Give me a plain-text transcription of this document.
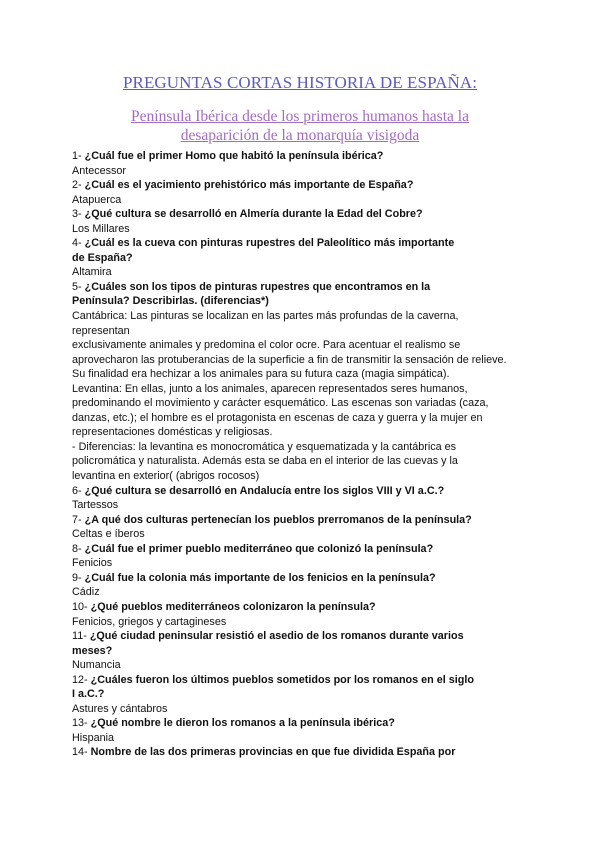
PREGUNTAS CORTAS HISTORIA DE ESPAÑA:
Península Ibérica desde los primeros humanos hasta la
desaparición de la monarquía visigoda
1- ¿Cuál fue el primer Homo que habitó la península ibérica?
Antecessor
2- ¿Cuál es el yacimiento prehistórico más importante de España?
Atapuerca
3- ¿Qué cultura se desarrolló en Almería durante la Edad del Cobre?
Los Millares
4- ¿Cuál es la cueva con pinturas rupestres del Paleolítico más importante
de España?
Altamira
5- ¿Cuáles son los tipos de pinturas rupestres que encontramos en la
Península? Describirlas. (diferencias*)
Cantábrica: Las pinturas se localizan en las partes más profundas de la caverna,
representan
exclusivamente animales y predomina el color ocre. Para acentuar el realismo se
aprovecharon las protuberancias de la superficie a fin de transmitir la sensación de relieve.
Su finalidad era hechizar a los animales para su futura caza (magia simpática).
Levantina: En ellas, junto a los animales, aparecen representados seres humanos,
predominando el movimiento y carácter esquemático. Las escenas son variadas (caza,
danzas, etc.); el hombre es el protagonista en escenas de caza y guerra y la mujer en
representaciones domésticas y religiosas.
- Diferencias: la levantina es monocromática y esquematizada y la cantábrica es
policromática y naturalista. Además esta se daba en el interior de las cuevas y la
levantina en exterior( (abrigos rocosos)
6- ¿Qué cultura se desarrolló en Andalucía entre los siglos VIII y VI a.C.?
Tartessos
7- ¿A qué dos culturas pertenecían los pueblos prerromanos de la península?
Celtas e íberos
8- ¿Cuál fue el primer pueblo mediterráneo que colonizó la península?
Fenicios
9- ¿Cuál fue la colonia más importante de los fenicios en la península?
Cádiz
10- ¿Qué pueblos mediterráneos colonizaron la península?
Fenicios, griegos y cartagineses
11- ¿Qué ciudad peninsular resistió el asedio de los romanos durante varios
meses?
Numancia
12- ¿Cuáles fueron los últimos pueblos sometidos por los romanos en el siglo
I a.C.?
Astures y cántabros
13- ¿Qué nombre le dieron los romanos a la península ibérica?
Hispania
14- Nombre de las dos primeras provincias en que fue dividida España por
